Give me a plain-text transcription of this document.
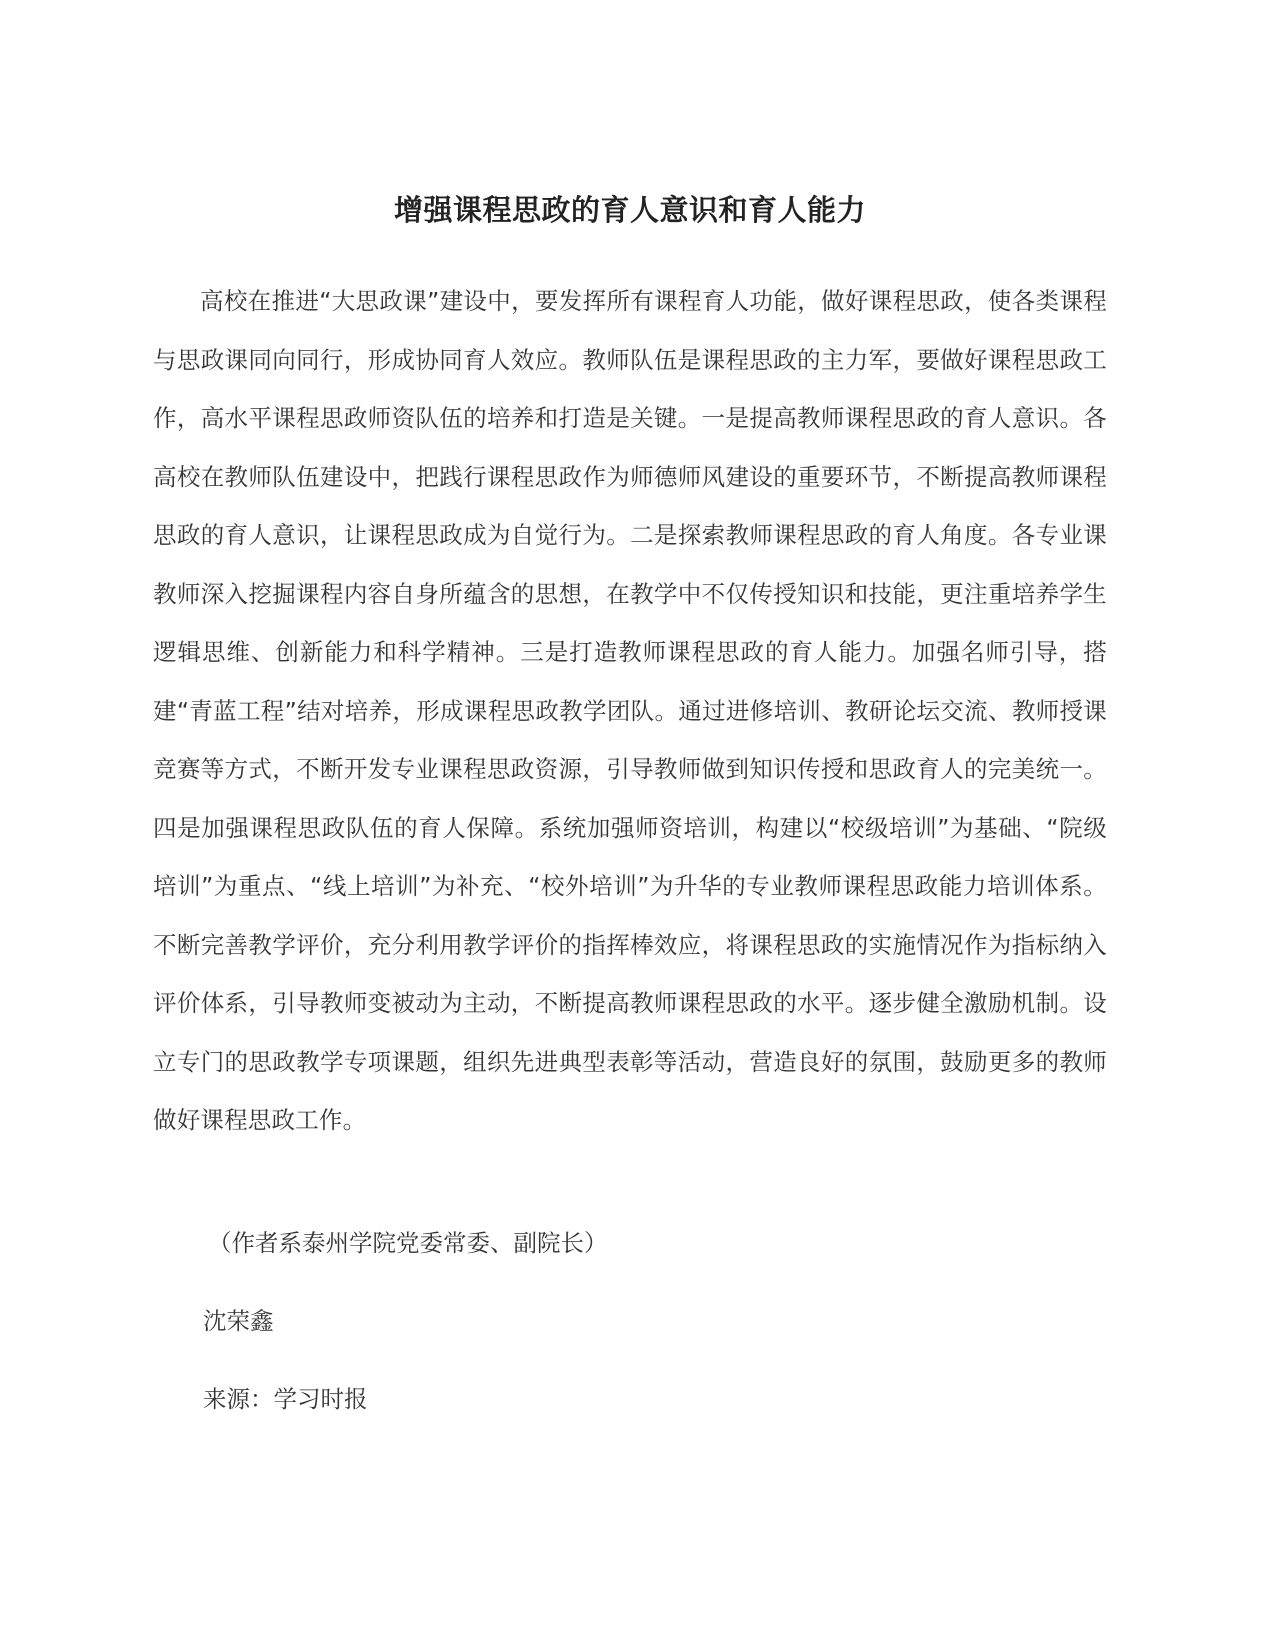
增强课程思政的育人意识和育人能力

高校在推进“大思政课”建设中，要发挥所有课程育人功能，做好课程思政，使各类课程与思政课同向同行，形成协同育人效应。教师队伍是课程思政的主力军，要做好课程思政工作，高水平课程思政师资队伍的培养和打造是关键。一是提高教师课程思政的育人意识。各高校在教师队伍建设中，把践行课程思政作为师德师风建设的重要环节，不断提高教师课程思政的育人意识，让课程思政成为自觉行为。二是探索教师课程思政的育人角度。各专业课教师深入挖掘课程内容自身所蕴含的思想，在教学中不仅传授知识和技能，更注重培养学生逻辑思维、创新能力和科学精神。三是打造教师课程思政的育人能力。加强名师引导，搭建“青蓝工程”结对培养，形成课程思政教学团队。通过进修培训、教研论坛交流、教师授课竞赛等方式，不断开发专业课程思政资源，引导教师做到知识传授和思政育人的完美统一。四是加强课程思政队伍的育人保障。系统加强师资培训，构建以“校级培训”为基础、“院级培训”为重点、“线上培训”为补充、“校外培训”为升华的专业教师课程思政能力培训体系。不断完善教学评价，充分利用教学评价的指挥棒效应，将课程思政的实施情况作为指标纳入评价体系，引导教师变被动为主动，不断提高教师课程思政的水平。逐步健全激励机制。设立专门的思政教学专项课题，组织先进典型表彰等活动，营造良好的氛围，鼓励更多的教师做好课程思政工作。

（作者系泰州学院党委常委、副院长）

沈荣鑫

来源：学习时报
